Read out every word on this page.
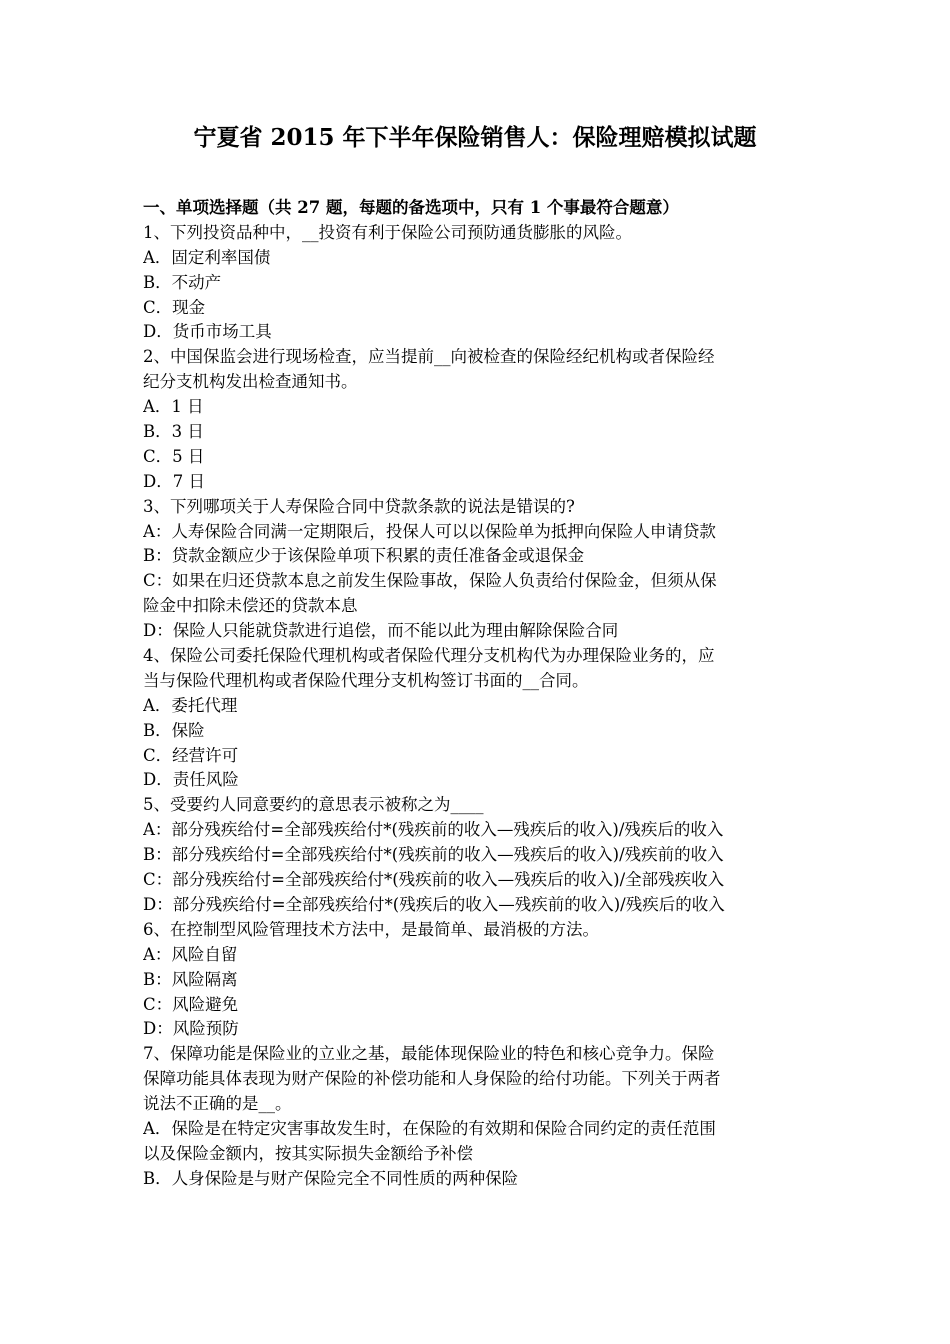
宁夏省 2015 年下半年保险销售人：保险理赔模拟试题
一、单项选择题（共 27 题，每题的备选项中，只有 1 个事最符合题意）
1、下列投资品种中，__投资有利于保险公司预防通货膨胀的风险。
A．固定利率国债
B．不动产
C．现金
D．货币市场工具
2、中国保监会进行现场检查，应当提前__向被检查的保险经纪机构或者保险经
纪分支机构发出检查通知书。
A．1 日
B．3 日
C．5 日
D．7 日
3、下列哪项关于人寿保险合同中贷款条款的说法是错误的?
A：人寿保险合同满一定期限后，投保人可以以保险单为抵押向保险人申请贷款
B：贷款金额应少于该保险单项下积累的责任准备金或退保金
C：如果在归还贷款本息之前发生保险事故，保险人负责给付保险金，但须从保
险金中扣除未偿还的贷款本息
D：保险人只能就贷款进行追偿，而不能以此为理由解除保险合同
4、保险公司委托保险代理机构或者保险代理分支机构代为办理保险业务的，应
当与保险代理机构或者保险代理分支机构签订书面的__合同。
A．委托代理
B．保险
C．经营许可
D．责任风险
5、受要约人同意要约的意思表示被称之为____
A：部分残疾给付=全部残疾给付*(残疾前的收入—残疾后的收入)/残疾后的收入
B：部分残疾给付=全部残疾给付*(残疾前的收入—残疾后的收入)/残疾前的收入
C：部分残疾给付=全部残疾给付*(残疾前的收入—残疾后的收入)/全部残疾收入
D：部分残疾给付=全部残疾给付*(残疾后的收入—残疾前的收入)/残疾后的收入
6、在控制型风险管理技术方法中，是最简单、最消极的方法。
A：风险自留
B：风险隔离
C：风险避免
D：风险预防
7、保障功能是保险业的立业之基，最能体现保险业的特色和核心竞争力。保险
保障功能具体表现为财产保险的补偿功能和人身保险的给付功能。下列关于两者
说法不正确的是__。
A．保险是在特定灾害事故发生时，在保险的有效期和保险合同约定的责任范围
以及保险金额内，按其实际损失金额给予补偿
B．人身保险是与财产保险完全不同性质的两种保险
